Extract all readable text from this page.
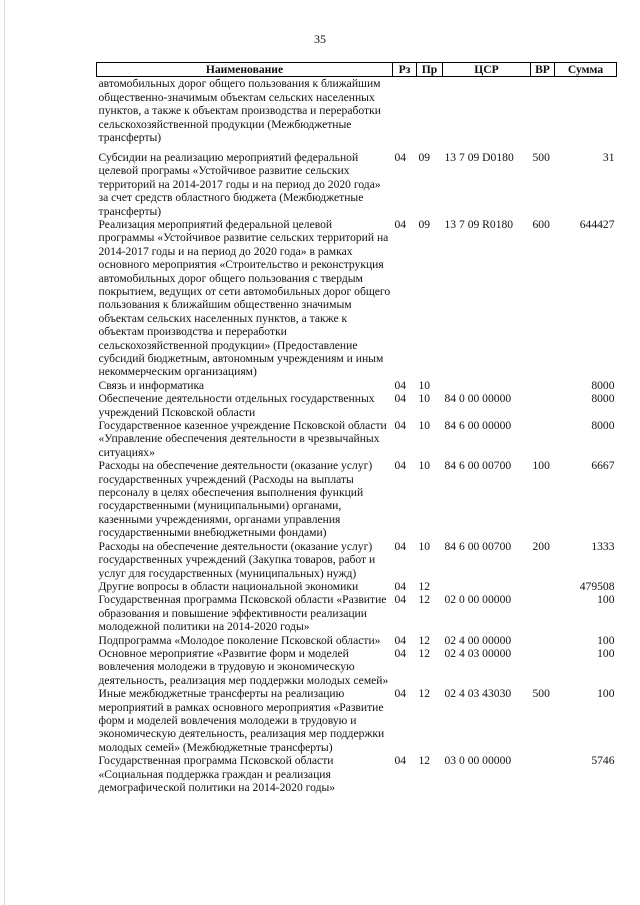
35
Наименование	Рз	Пр	ЦСР	ВР	Сумма
автомобильных дорог общего пользования к ближайшим общественно-значимым объектам сельских населенных пунктов, а также к объектам производства и переработки сельскохозяйственной продукции (Межбюджетные трансферты)					
Субсидии на реализацию мероприятий федеральной целевой програмы «Устойчивое развитие сельских территорий на 2014-2017 годы и на период до 2020 года» за счет средств областного бюджета (Межбюджетные трансферты)	04	09	13 7 09 D0180	500	31
Реализация мероприятий федеральной целевой программы «Устойчивое развитие сельских территорий на 2014-2017 годы и на период до 2020 года» в рамках основного мероприятия «Строительство и реконструкция автомобильных дорог общего пользования с твердым покрытием, ведущих от сети автомобильных дорог общего пользования к ближайшим общественно значимым объектам сельских населенных пунктов, а также к объектам производства и переработки сельскохозяйственной продукции» (Предоставление субсидий бюджетным, автономным учреждениям и иным некоммерческим организациям)	04	09	13 7 09 R0180	600	644427
Связь и информатика	04	10			8000
Обеспечение деятельности отдельных государственных учреждений Псковской области	04	10	84 0 00 00000		8000
Государственное казенное учреждение Псковской области «Управление обеспечения деятельности в чрезвычайных ситуациях»	04	10	84 6 00 00000		8000
Расходы на обеспечение деятельности (оказание услуг) государственных учреждений (Расходы на выплаты персоналу в целях обеспечения выполнения функций государственными (муниципальными) органами, казенными учреждениями, органами управления государственными внебюджетными фондами)	04	10	84 6 00 00700	100	6667
Расходы на обеспечение деятельности (оказание услуг) государственных учреждений (Закупка товаров, работ и услуг для государственных (муниципальных) нужд)	04	10	84 6 00 00700	200	1333
Другие вопросы в области национальной экономики	04	12			479508
Государственная программа Псковской области «Развитие образования и повышение эффективности реализации молодежной политики на 2014-2020 годы»	04	12	02 0 00 00000		100
Подпрограмма «Молодое поколение Псковской области»	04	12	02 4 00 00000		100
Основное мероприятие «Развитие форм и моделей вовлечения молодежи в трудовую и экономическую деятельность, реализация мер поддержки молодых семей»	04	12	02 4 03 00000		100
Иные межбюджетные трансферты на реализацию мероприятий в рамках основного мероприятия «Развитие форм и моделей вовлечения молодежи в трудовую и экономическую деятельность, реализация мер поддержки молодых семей» (Межбюджетные трансферты)	04	12	02 4 03 43030	500	100
Государственная программа Псковской области «Социальная поддержка граждан и реализация демографической политики на 2014-2020 годы»	04	12	03 0 00 00000		5746
